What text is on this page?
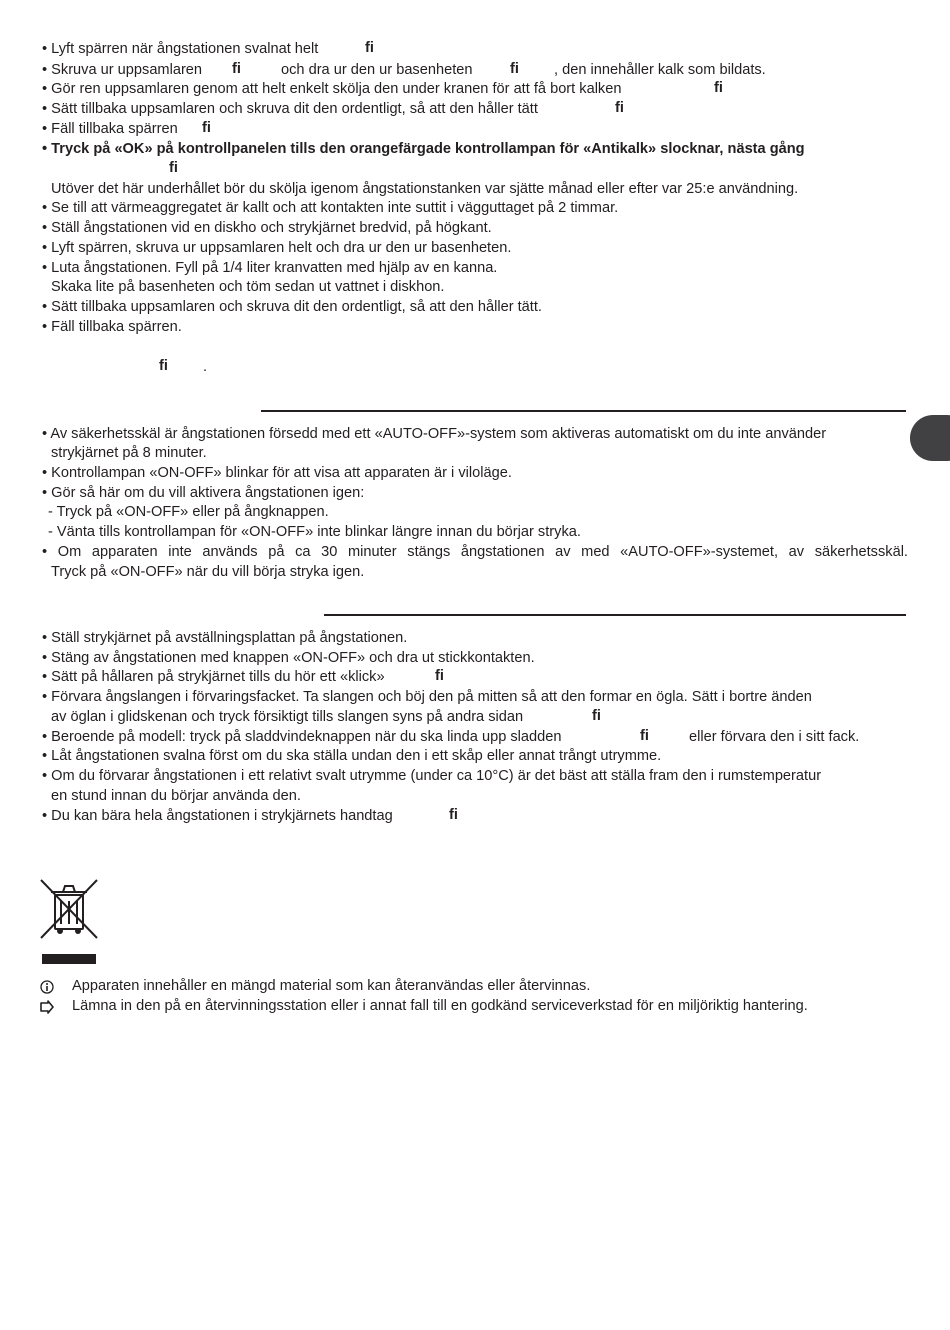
• Lyft spärren när ångstationen svalnat helt	fi
• Skruva ur uppsamlaren fi	och dra ur den ur basenheten	fi , den innehåller kalk som bildats.
• Gör ren uppsamlaren genom att helt enkelt skölja den under kranen för att få bort kalken	fi
• Sätt tillbaka uppsamlaren och skruva dit den ordentligt, så att den håller tätt	fi
• Fäll tillbaka spärren fi
• Tryck på «OK» på kontrollpanelen tills den orangefärgade kontrollampan för «Antikalk» slocknar, nästa gång
fi
Utöver det här underhållet bör du skölja igenom ångstationstanken var sjätte månad eller efter var 25:e användning.
• Se till att värmeaggregatet är kallt och att kontakten inte suttit i vägguttaget på 2 timmar.
• Ställ ångstationen vid en diskho och strykjärnet bredvid, på högkant.
• Lyft spärren, skruva ur uppsamlaren helt och dra ur den ur basenheten.
• Luta ångstationen. Fyll på 1/4 liter kranvatten med hjälp av en kanna.
Skaka lite på basenheten och töm sedan ut vattnet i diskhon.
• Sätt tillbaka uppsamlaren och skruva dit den ordentligt, så att den håller tätt.
• Fäll tillbaka spärren.
fi .
• Av säkerhetsskäl är ångstationen försedd med ett «AUTO-OFF»-system som aktiveras automatiskt om du inte använder
strykjärnet på 8 minuter.
• Kontrollampan «ON-OFF» blinkar för att visa att apparaten är i viloläge.
• Gör så här om du vill aktivera ångstationen igen:
- Tryck på «ON-OFF» eller på ångknappen.
- Vänta tills kontrollampan för «ON-OFF» inte blinkar längre innan du börjar stryka.
• Om apparaten inte används på ca 30 minuter stängs ångstationen av med «AUTO-OFF»-systemet, av säkerhetsskäl.
Tryck på «ON-OFF» när du vill börja stryka igen.
• Ställ strykjärnet på avställningsplattan på ångstationen.
• Stäng av ångstationen med knappen «ON-OFF» och dra ut stickkontakten.
• Sätt på hållaren på strykjärnet tills du hör ett «klick»	fi
• Förvara ångslangen i förvaringsfacket. Ta slangen och böj den på mitten så att den formar en ögla. Sätt i bortre änden
av öglan i glidskenan och tryck försiktigt tills slangen syns på andra sidan	fi
• Beroende på modell: tryck på sladdvindeknappen när du ska linda upp sladden	fi	eller förvara den i sitt fack.
• Låt ångstationen svalna först om du ska ställa undan den i ett skåp eller annat trångt utrymme.
• Om du förvarar ångstationen i ett relativt svalt utrymme (under ca 10°C) är det bäst att ställa fram den i rumstemperatur
en stund innan du börjar använda den.
• Du kan bära hela ångstationen i strykjärnets handtag	fi
Apparaten innehåller en mängd material som kan återanvändas eller återvinnas.
Lämna in den på en återvinningsstation eller i annat fall till en godkänd serviceverkstad för en miljöriktig hantering.
